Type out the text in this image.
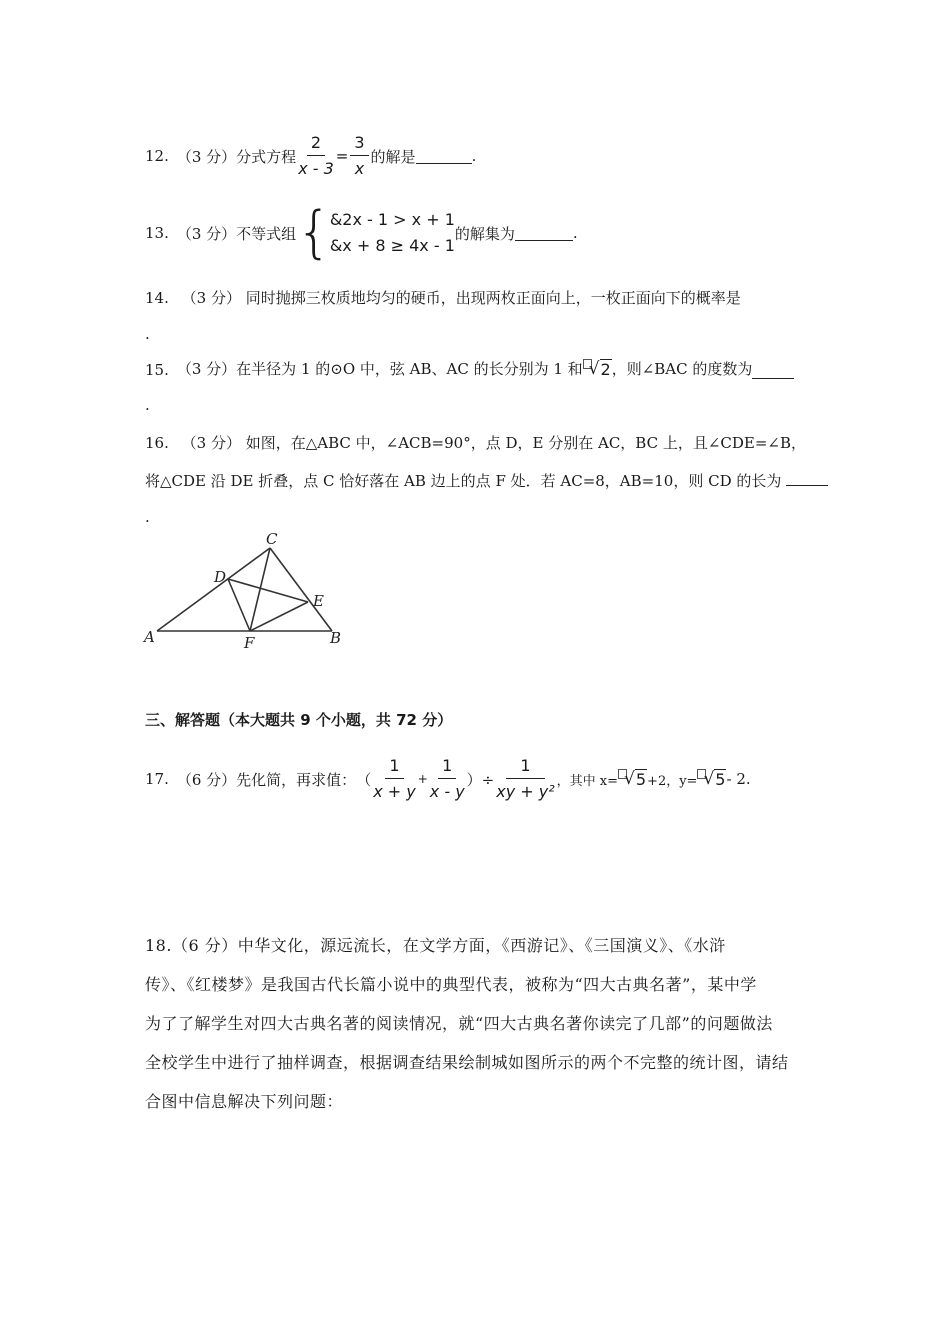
12. （3 分） 分式方程 $\frac{2}{x - 3} = \frac{3}{x}$ 的解是	.
13. （3 分） 不等式组 {
&2x - 1 > x + 1
&x + 8 ≥ 4x - 1
的解集为	.
14. （3 分） 同时抛掷三枚质地均匀的硬币，出现两枚正面向上，一枚正面向下的概率是
.
15. （3 分） 在半径为 1 的⊙O 中，弦 AB、AC 的长分别为 1 和 √ 2 ，则∠BAC 的度数为
.
16. （3 分） 如图，在△ABC 中，∠ACB=90°，点 D，E 分别在 AC，BC 上，且∠CDE=∠B，
将△CDE 沿 DE 折叠，点 C 恰好落在 AB 边上的点 F 处．若 AC=8，AB=10，则 CD 的长为
.
C
D
E
A	F	B
三、解答题（本大题共 9 个小题，共 72 分）
17. （6 分） 先化简，再求值： （ $\frac{1}{x + y} + \frac{1}{x - y}$ ）÷ $\frac{1}{\text{xy + y²}}$ ，其中 x= √ 5 +2，y= √ 5 - 2.
18.（6 分）中华文化，源远流长，在文学方面，《西游记》、《三国演义》、《水浒
传》、《红楼梦》是我国古代长篇小说中的典型代表，被称为“四大古典名著”，某中学
为了了解学生对四大古典名著的阅读情况，就“四大古典名著你读完了几部”的问题做法
全校学生中进行了抽样调查，根据调查结果绘制城如图所示的两个不完整的统计图，请结
合图中信息解决下列问题：
